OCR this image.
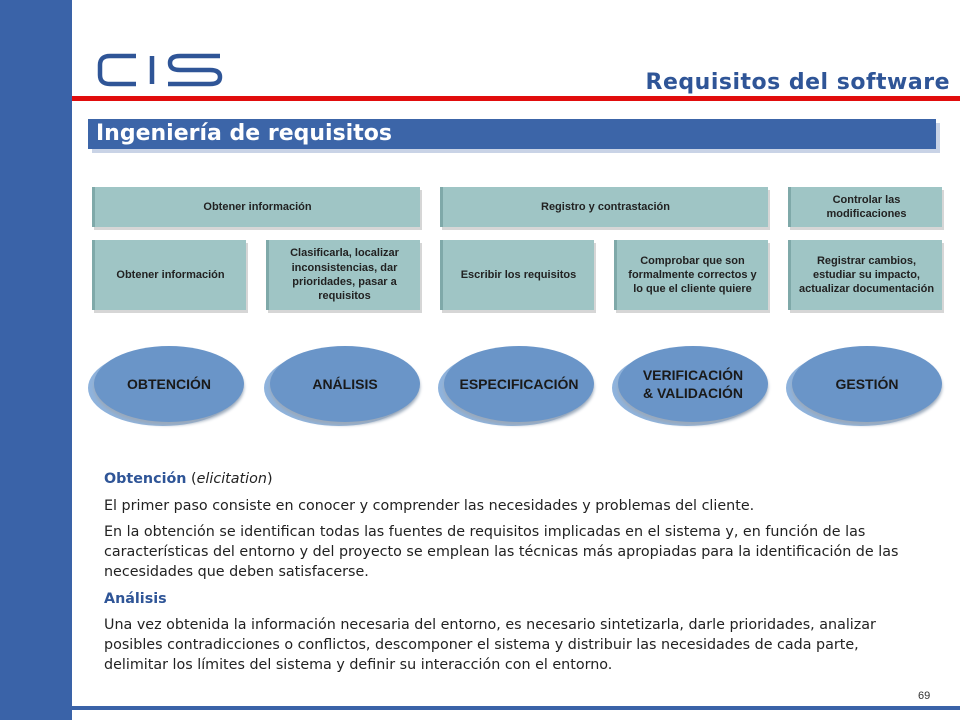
Requisitos del software
Ingeniería de requisitos
Obtener información	Registro y contrastación
Controlar las modificaciones
Obtener información
Clasificarla, localizar inconsistencias, dar prioridades, pasar a requisitos
Escribir los requisitos
Comprobar que son formalmente correctos y lo que el cliente quiere
Registrar cambios, estudiar su impacto, actualizar documentación
OBTENCIÓN	ANÁLISIS	ESPECIFICACIÓN
VERIFICACIÓN & VALIDACIÓN
GESTIÓN

Obtención (elicitation)

El primer paso consiste en conocer y comprender las necesidades y problemas del cliente.

En la obtención se identifican todas las fuentes de requisitos implicadas en el sistema y, en función de las características del entorno y del proyecto se emplean las técnicas más apropiadas para la identificación de las necesidades que deben satisfacerse.

Análisis

Una vez obtenida la información necesaria del entorno, es necesario sintetizarla, darle prioridades, analizar posibles contradicciones o conflictos, descomponer el sistema y distribuir las necesidades de cada parte, delimitar los límites del sistema y definir su interacción con el entorno.

69
